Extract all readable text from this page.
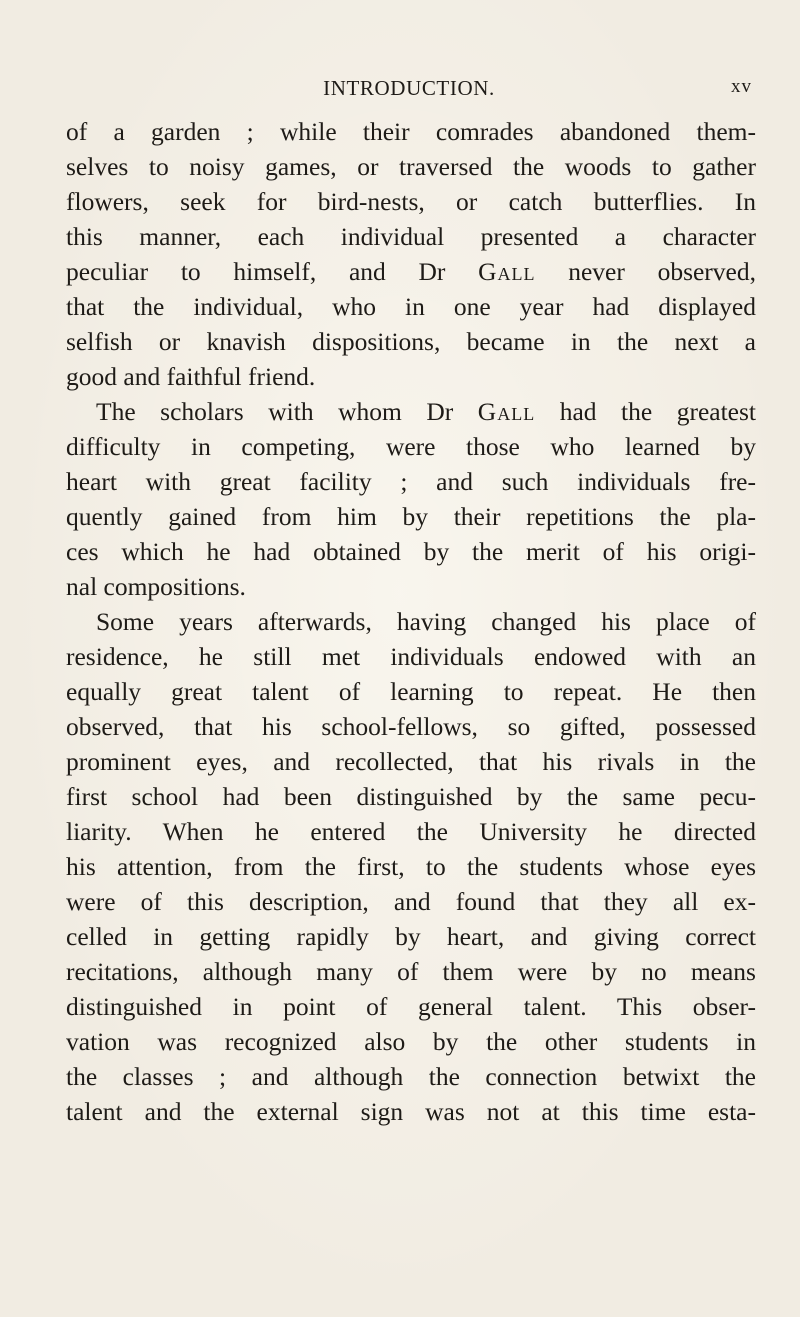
INTRODUCTION.	xv
of a garden ; while their comrades abandoned them-
selves to noisy games, or traversed the woods to gather
flowers, seek for bird-nests, or catch butterflies. In
this manner, each individual presented a character
peculiar to himself, and Dr Gall never observed,
that the individual, who in one year had displayed
selfish or knavish dispositions, became in the next a
good and faithful friend.
The scholars with whom Dr Gall had the greatest
difficulty in competing, were those who learned by
heart with great facility ; and such individuals fre-
quently gained from him by their repetitions the pla-
ces which he had obtained by the merit of his origi-
nal compositions.
Some years afterwards, having changed his place of
residence, he still met individuals endowed with an
equally great talent of learning to repeat. He then
observed, that his school-fellows, so gifted, possessed
prominent eyes, and recollected, that his rivals in the
first school had been distinguished by the same pecu-
liarity. When he entered the University he directed
his attention, from the first, to the students whose eyes
were of this description, and found that they all ex-
celled in getting rapidly by heart, and giving correct
recitations, although many of them were by no means
distinguished in point of general talent. This obser-
vation was recognized also by the other students in
the classes ; and although the connection betwixt the
talent and the external sign was not at this time esta-
